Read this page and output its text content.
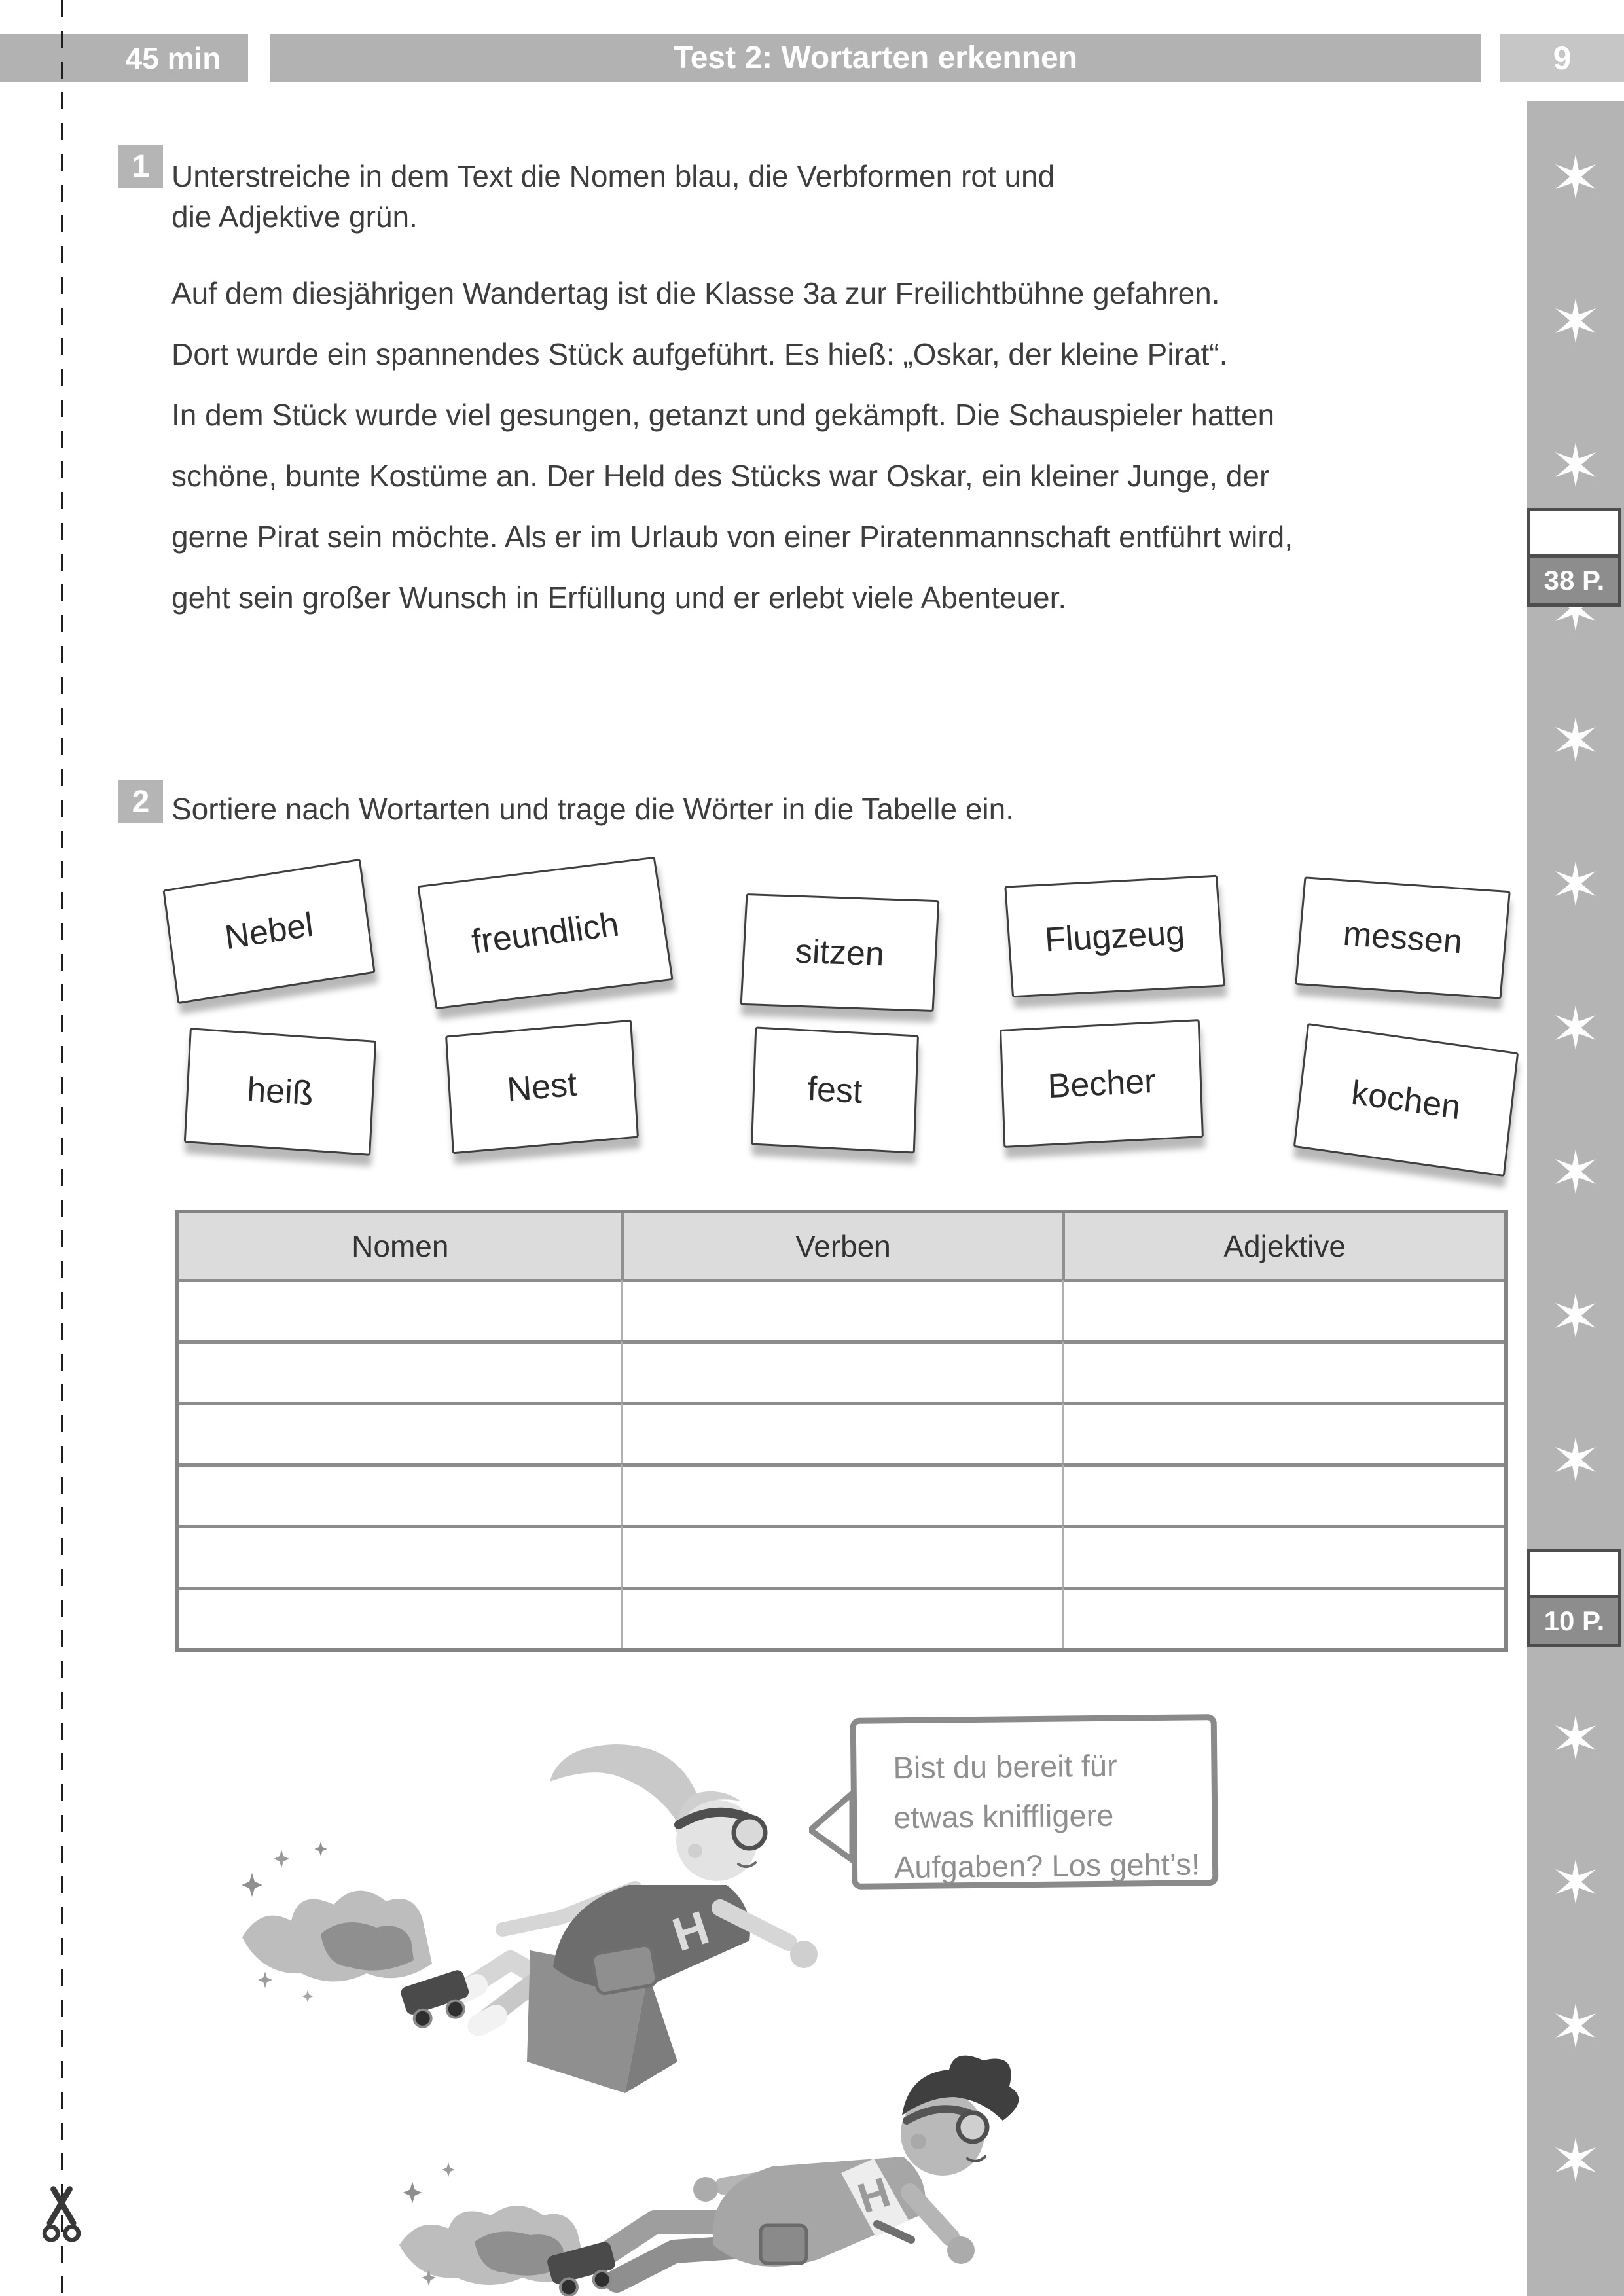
38 P.
10 P.
45 min	Test 2: Wortarten erkennen	9
1 Unterstreiche in dem Text die Nomen blau, die Verbformen rot und
die Adjektive grün.
Auf dem diesjährigen Wandertag ist die Klasse 3a zur Freilichtbühne gefahren.
Dort wurde ein spannendes Stück aufgeführt. Es hieß: „Oskar, der kleine Pirat“.
In dem Stück wurde viel gesungen, getanzt und gekämpft. Die Schauspieler hatten
schöne, bunte Kostüme an. Der Held des Stücks war Oskar, ein kleiner Junge, der
gerne Pirat sein möchte. Als er im Urlaub von einer Piratenmannschaft entführt wird,
geht sein großer Wunsch in Erfüllung und er erlebt viele Abenteuer.
2 Sortiere nach Wortarten und trage die Wörter in die Tabelle ein.
Nebel	freundlich	sitzen	Flugzeug	messen
heiß	Nest	fest	Becher	kochen
Nomen	Verben	Adjektive
H
H
Bist du bereit für
etwas kniffligere
Aufgaben? Los geht’s!
